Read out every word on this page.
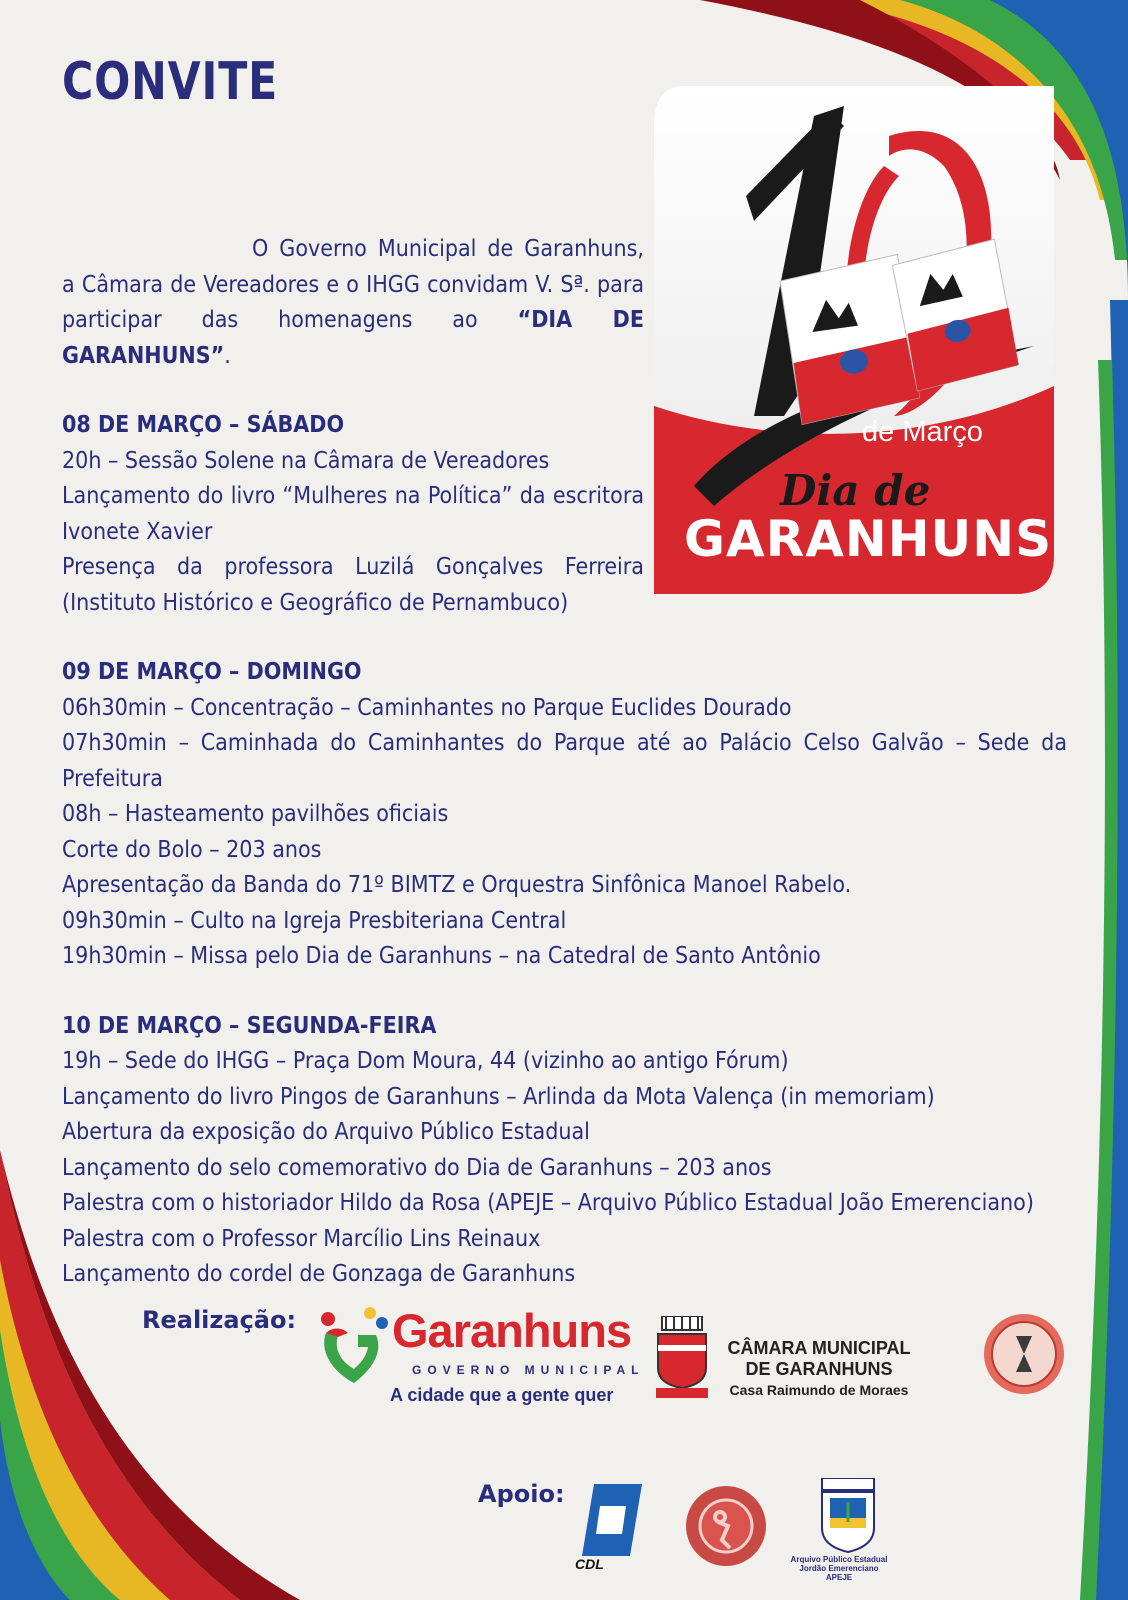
CONVITE
de Março
Dia de
GARANHUNS

O Governo Municipal de Garanhuns, a Câmara de Vereadores e o IHGG convidam V. Sª. para participar das homenagens ao “DIA DE GARANHUNS”.

08 DE MARÇO – SÁBADO

20h – Sessão Solene na Câmara de Vereadores

Lançamento do livro “Mulheres na Política” da escritora Ivonete Xavier

Presença da professora Luzilá Gonçalves Ferreira (Instituto Histórico e Geográfico de Pernambuco)

09 DE MARÇO – DOMINGO

06h30min – Concentração – Caminhantes no Parque Euclides Dourado

07h30min – Caminhada do Caminhantes do Parque até ao Palácio Celso Galvão – Sede da Prefeitura

08h – Hasteamento pavilhões oficiais

Corte do Bolo – 203 anos

Apresentação da Banda do 71º BIMTZ e Orquestra Sinfônica Manoel Rabelo.

09h30min – Culto na Igreja Presbiteriana Central

19h30min – Missa pelo Dia de Garanhuns – na Catedral de Santo Antônio

10 DE MARÇO – SEGUNDA-FEIRA

19h – Sede do IHGG – Praça Dom Moura, 44 (vizinho ao antigo Fórum)

Lançamento do livro Pingos de Garanhuns – Arlinda da Mota Valença (in memoriam)

Abertura da exposição do Arquivo Público Estadual

Lançamento do selo comemorativo do Dia de Garanhuns – 203 anos

Palestra com o historiador Hildo da Rosa (APEJE – Arquivo Público Estadual João Emerenciano)

Palestra com o Professor Marcílio Lins Reinaux

Lançamento do cordel de Gonzaga de Garanhuns

Realização: Garanhuns
GOVERNO MUNICIPAL
A cidade que a gente quer
CÂMARA MUNICIPAL
DE GARANHUNS
Casa Raimundo de Moraes
Apoio:
CDL	Arquivo Público Estadual
Jordão Emerenciano
APEJE
